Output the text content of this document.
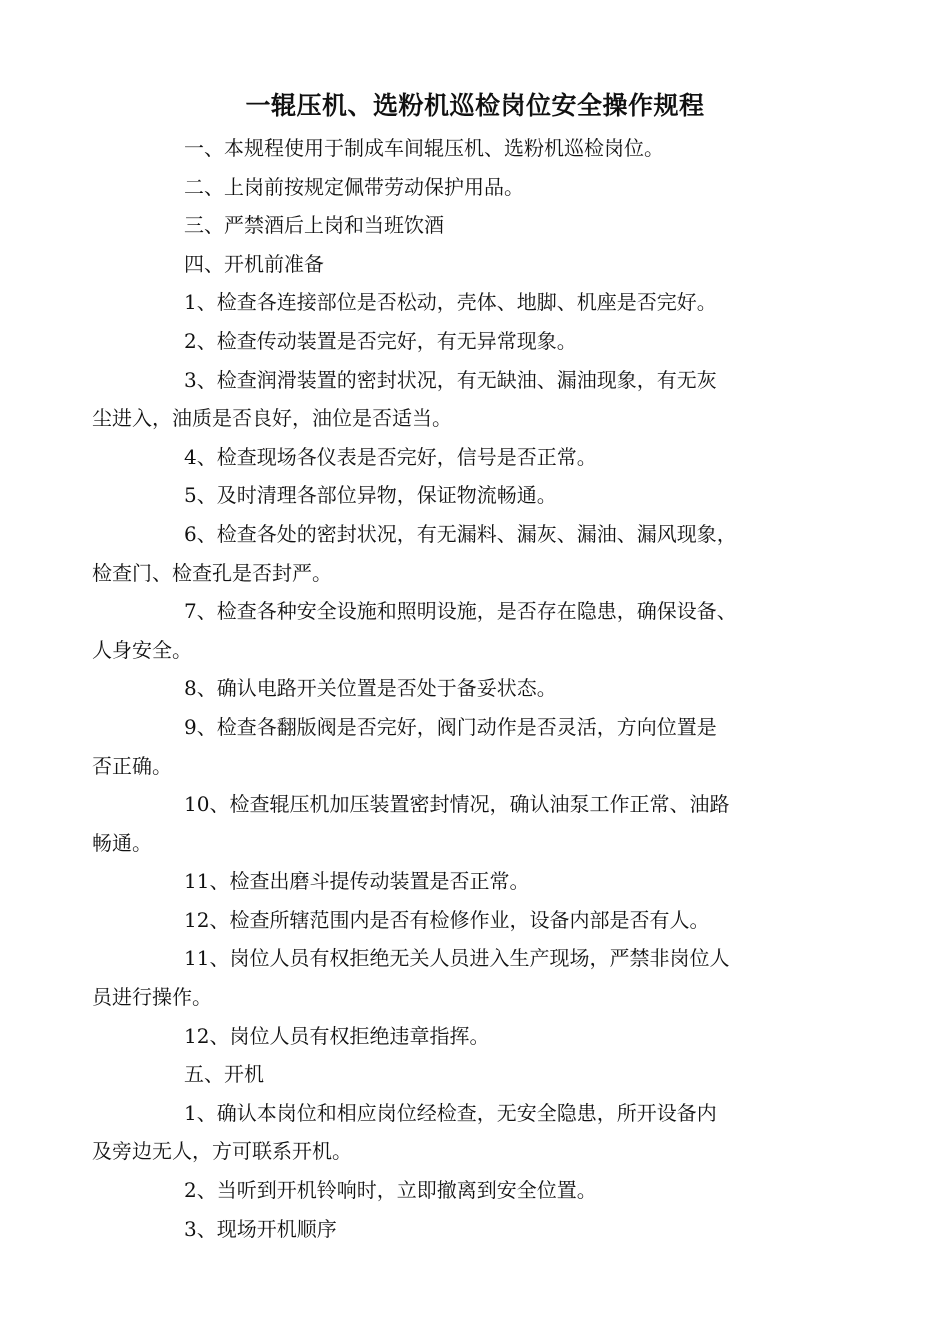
一辊压机、选粉机巡检岗位安全操作规程

一、本规程使用于制成车间辊压机、选粉机巡检岗位。

二、上岗前按规定佩带劳动保护用品。

三、严禁酒后上岗和当班饮酒

四、开机前准备

1、检查各连接部位是否松动，壳体、地脚、机座是否完好。

2、检查传动装置是否完好，有无异常现象。

3、检查润滑装置的密封状况，有无缺油、漏油现象，有无灰
尘进入，油质是否良好，油位是否适当。

4、检查现场各仪表是否完好，信号是否正常。

5、及时清理各部位异物，保证物流畅通。

6、检查各处的密封状况，有无漏料、漏灰、漏油、漏风现象，
检查门、检查孔是否封严。

7、检查各种安全设施和照明设施，是否存在隐患，确保设备、
人身安全。

8、确认电路开关位置是否处于备妥状态。

9、检查各翻版阀是否完好，阀门动作是否灵活，方向位置是
否正确。

10、检查辊压机加压装置密封情况，确认油泵工作正常、油路
畅通。

11、检查出磨斗提传动装置是否正常。

12、检查所辖范围内是否有检修作业，设备内部是否有人。

11、岗位人员有权拒绝无关人员进入生产现场，严禁非岗位人
员进行操作。

12、岗位人员有权拒绝违章指挥。

五、开机

1、确认本岗位和相应岗位经检查，无安全隐患，所开设备内
及旁边无人，方可联系开机。

2、当听到开机铃响时，立即撤离到安全位置。

3、现场开机顺序
